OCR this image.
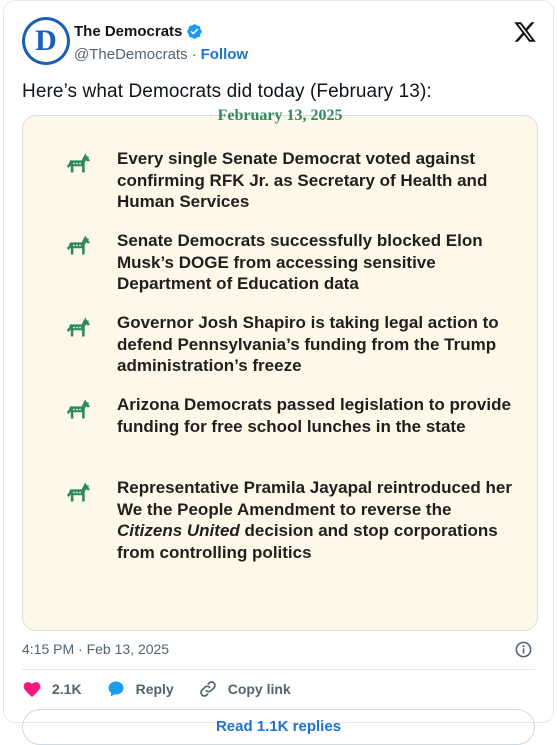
D The Democrats
@TheDemocrats · Follow
Here’s what Democrats did today (February 13):
February 13, 2025
Every single Senate Democrat voted against confirming RFK Jr. as Secretary of Health and Human Services
Senate Democrats successfully blocked Elon Musk’s DOGE from accessing sensitive Department of Education data
Governor Josh Shapiro is taking legal action to defend Pennsylvania’s funding from the Trump administration’s freeze
Arizona Democrats passed legislation to provide funding for free school lunches in the state
Representative Pramila Jayapal reintroduced her We the People Amendment to reverse the Citizens United decision and stop corporations from controlling politics
4:15 PM · Feb 13, 2025
2.1K	Reply	Copy link
Read 1.1K replies
